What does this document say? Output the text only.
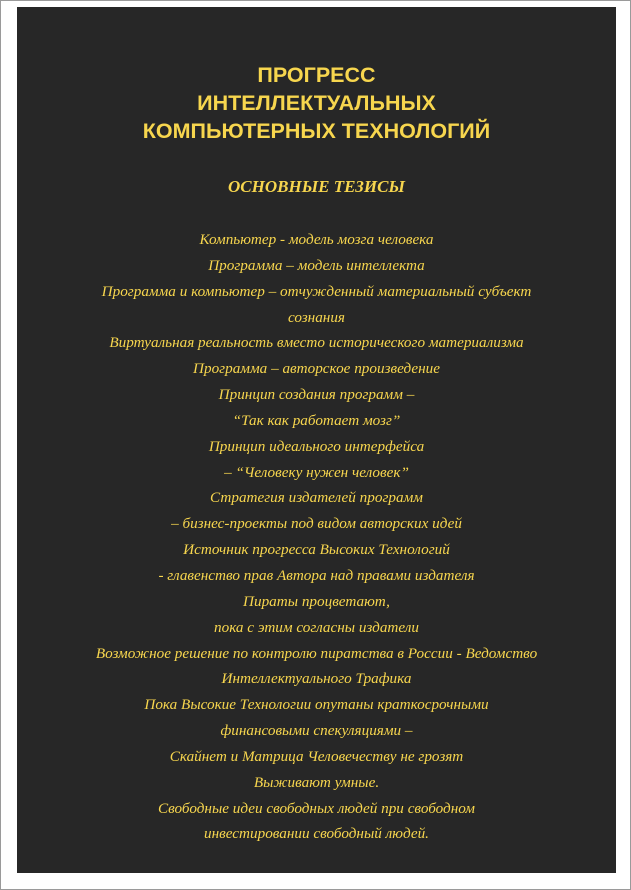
ПРОГРЕСС
ИНТЕЛЛЕКТУАЛЬНЫХ
КОМПЬЮТЕРНЫХ ТЕХНОЛОГИЙ
ОСНОВНЫЕ ТЕЗИСЫ
Компьютер - модель мозга человека
Программа – модель интеллекта
Программа и компьютер – отчужденный материальный субъект
сознания
Виртуальная реальность вместо исторического материализма
Программа – авторское произведение
Принцип создания программ –
“Так как работает мозг”
Принцип идеального интерфейса
– “Человеку нужен человек”
Стратегия издателей программ
– бизнес-проекты под видом авторских идей
Источник прогресса Высоких Технологий
- главенство прав Автора над правами издателя
Пираты процветают,
пока с этим согласны издатели
Возможное решение по контролю пиратства в России - Ведомство
Интеллектуального Трафика
Пока Высокие Технологии опутаны краткосрочными
финансовыми спекуляциями –
Скайнет и Матрица Человечеству не грозят
Выживают умные.
Свободные идеи свободных людей при свободном
инвестировании свободный людей.
